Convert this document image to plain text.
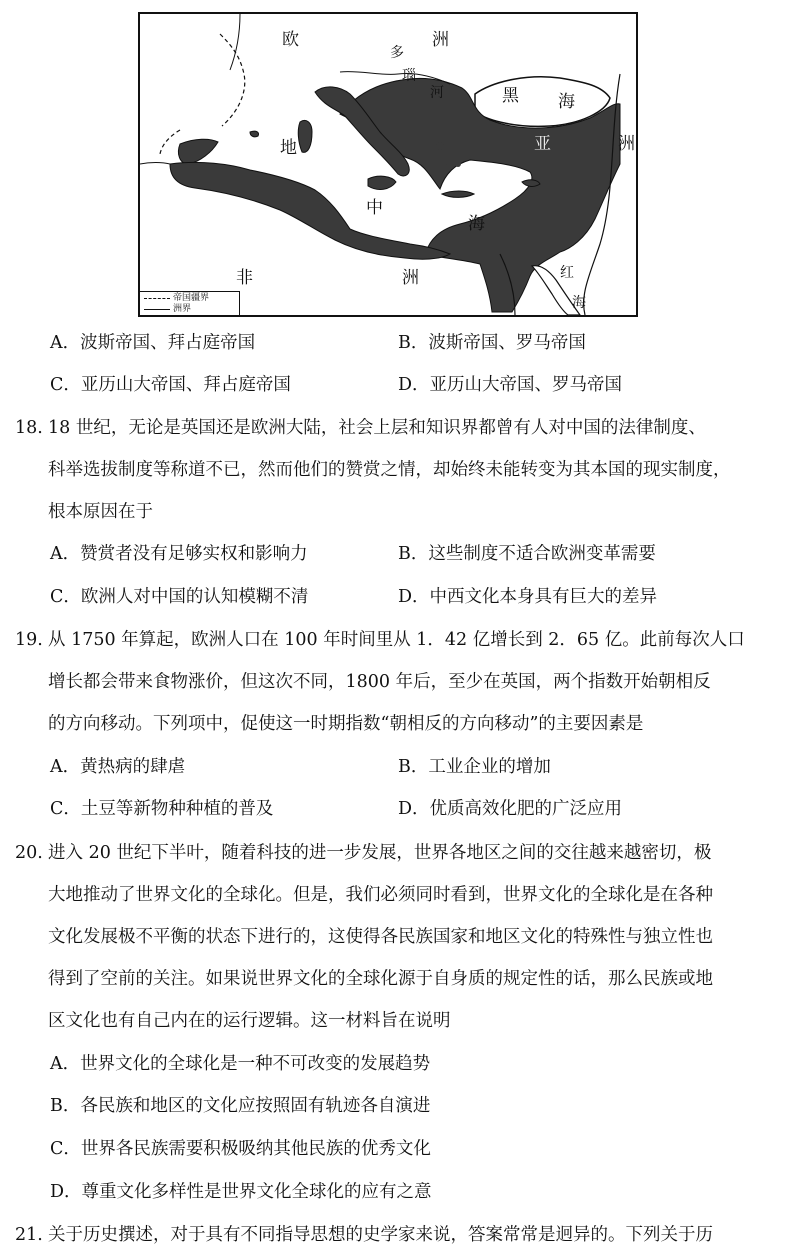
欧	洲
多
瑙
河	黑 海
亚	洲
地
中
海
非	洲	红
海
帝国疆界
洲界
A．波斯帝国、拜占庭帝国	B．波斯帝国、罗马帝国
C．亚历山大帝国、拜占庭帝国	D．亚历山大帝国、罗马帝国
18. 18 世纪，无论是英国还是欧洲大陆，社会上层和知识界都曾有人对中国的法律制度、
科举选拔制度等称道不已，然而他们的赞赏之情，却始终未能转变为其本国的现实制度，
根本原因在于
A．赞赏者没有足够实权和影响力	B．这些制度不适合欧洲变革需要
C．欧洲人对中国的认知模糊不清	D．中西文化本身具有巨大的差异
19. 从 1750 年算起，欧洲人口在 100 年时间里从 1．42 亿增长到 2．65 亿。此前每次人口
增长都会带来食物涨价，但这次不同，1800 年后，至少在英国，两个指数开始朝相反
的方向移动。下列项中，促使这一时期指数“朝相反的方向移动”的主要因素是
A．黄热病的肆虐	B．工业企业的增加
C．土豆等新物种种植的普及	D．优质高效化肥的广泛应用
20. 进入 20 世纪下半叶，随着科技的进一步发展，世界各地区之间的交往越来越密切，极
大地推动了世界文化的全球化。但是，我们必须同时看到，世界文化的全球化是在各种
文化发展极不平衡的状态下进行的，这使得各民族国家和地区文化的特殊性与独立性也
得到了空前的关注。如果说世界文化的全球化源于自身质的规定性的话，那么民族或地
区文化也有自己内在的运行逻辑。这一材料旨在说明
A．世界文化的全球化是一种不可改变的发展趋势
B．各民族和地区的文化应按照固有轨迹各自演进
C．世界各民族需要积极吸纳其他民族的优秀文化
D．尊重文化多样性是世界文化全球化的应有之意
21. 关于历史撰述，对于具有不同指导思想的史学家来说，答案常常是迥异的。下列关于历
